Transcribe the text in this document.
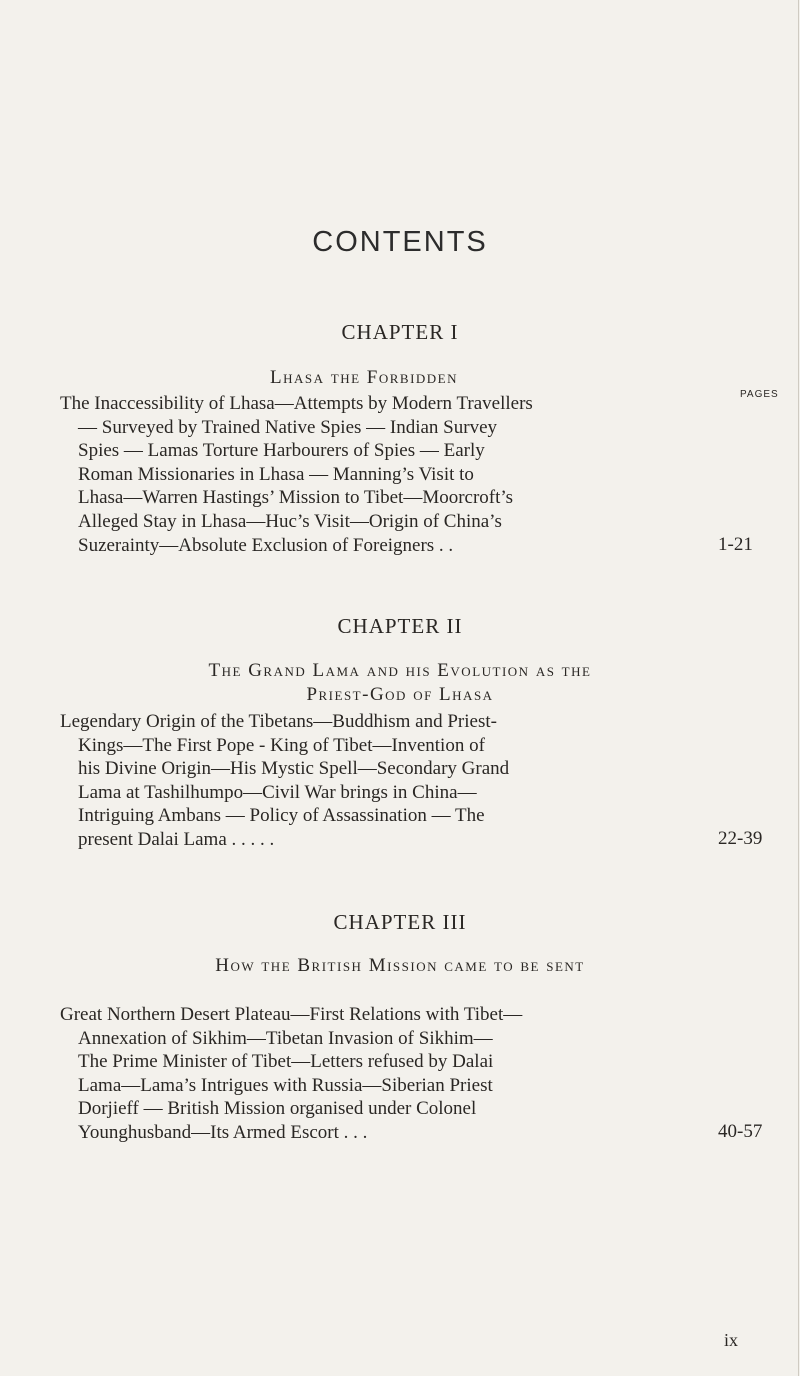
CONTENTS
CHAPTER I
Lhasa the Forbidden
PAGES
The Inaccessibility of Lhasa—Attempts by Modern Travellers
— Surveyed by Trained Native Spies — Indian Survey
Spies — Lamas Torture Harbourers of Spies — Early
Roman Missionaries in Lhasa — Manning’s Visit to
Lhasa—Warren Hastings’ Mission to Tibet—Moorcroft’s
Alleged Stay in Lhasa—Huc’s Visit—Origin of China’s
Suzerainty—Absolute Exclusion of Foreigners . .	1-21
CHAPTER II
The Grand Lama and his Evolution as the
Priest-God of Lhasa
Legendary Origin of the Tibetans—Buddhism and Priest-
Kings—The First Pope - King of Tibet—Invention of
his Divine Origin—His Mystic Spell—Secondary Grand
Lama at Tashilhumpo—Civil War brings in China—
Intriguing Ambans — Policy of Assassination — The
present Dalai Lama . . . . .	22-39
CHAPTER III
How the British Mission came to be sent
Great Northern Desert Plateau—First Relations with Tibet—
Annexation of Sikhim—Tibetan Invasion of Sikhim—
The Prime Minister of Tibet—Letters refused by Dalai
Lama—Lama’s Intrigues with Russia—Siberian Priest
Dorjieff — British Mission organised under Colonel
Younghusband—Its Armed Escort . . .	40-57
ix
